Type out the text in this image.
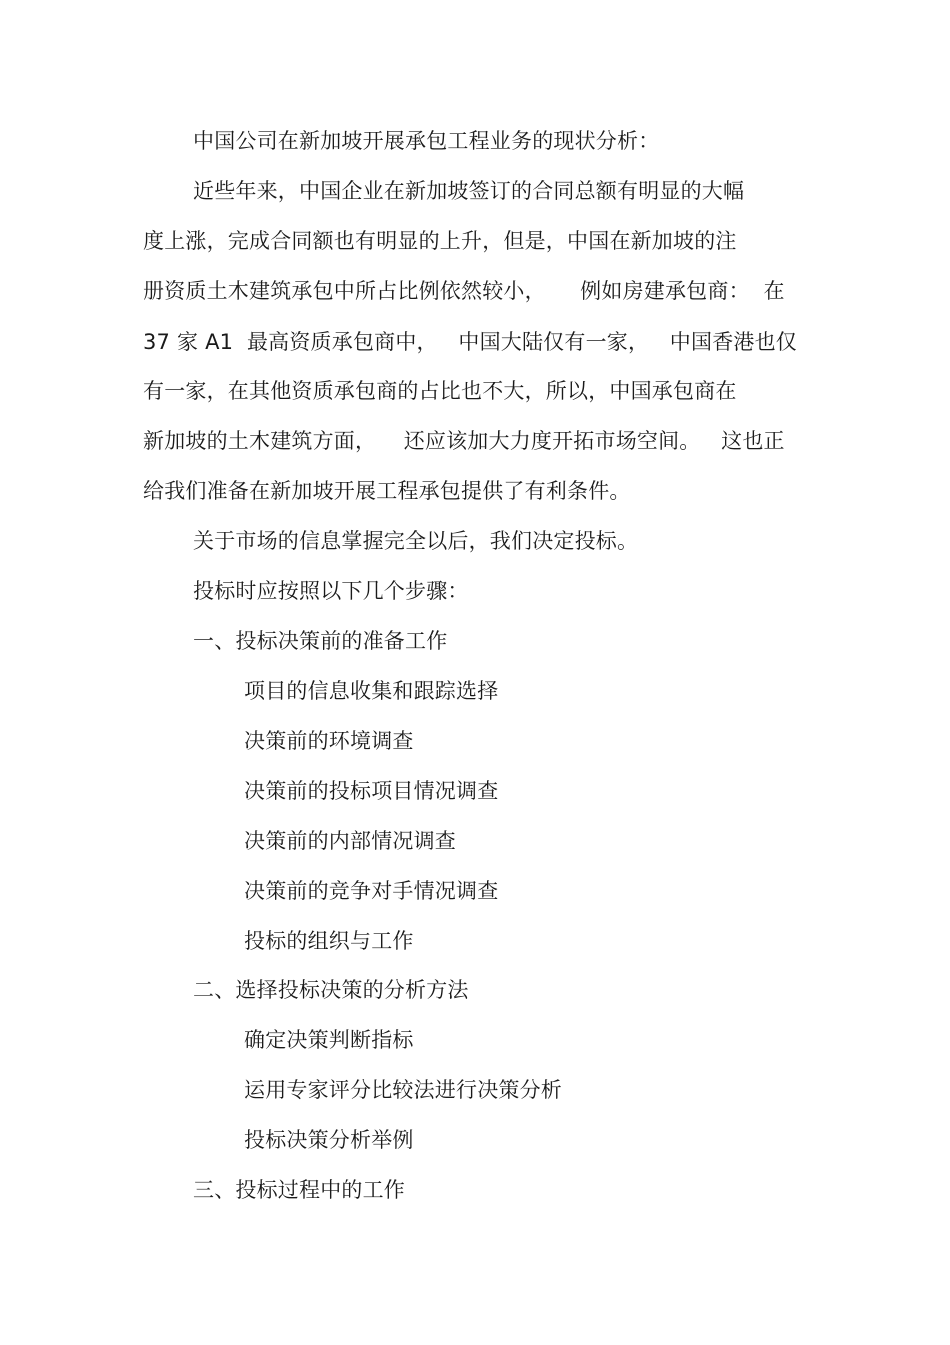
中国公司在新加坡开展承包工程业务的现状分析：
近些年来，中国企业在新加坡签订的合同总额有明显的大幅
度上涨，完成合同额也有明显的上升，但是，中国在新加坡的注
册资质土木建筑承包中所占比例依然较小，     例如房建承包商：  在
37 家 A1  最高资质承包商中，   中国大陆仅有一家，   中国香港也仅
有一家，在其他资质承包商的占比也不大，所以，中国承包商在
新加坡的土木建筑方面，    还应该加大力度开拓市场空间。   这也正
给我们准备在新加坡开展工程承包提供了有利条件。
关于市场的信息掌握完全以后，我们决定投标。
投标时应按照以下几个步骤：
一、投标决策前的准备工作
项目的信息收集和跟踪选择
决策前的环境调查
决策前的投标项目情况调查
决策前的内部情况调查
决策前的竞争对手情况调查
投标的组织与工作
二、选择投标决策的分析方法
确定决策判断指标
运用专家评分比较法进行决策分析
投标决策分析举例
三、投标过程中的工作
